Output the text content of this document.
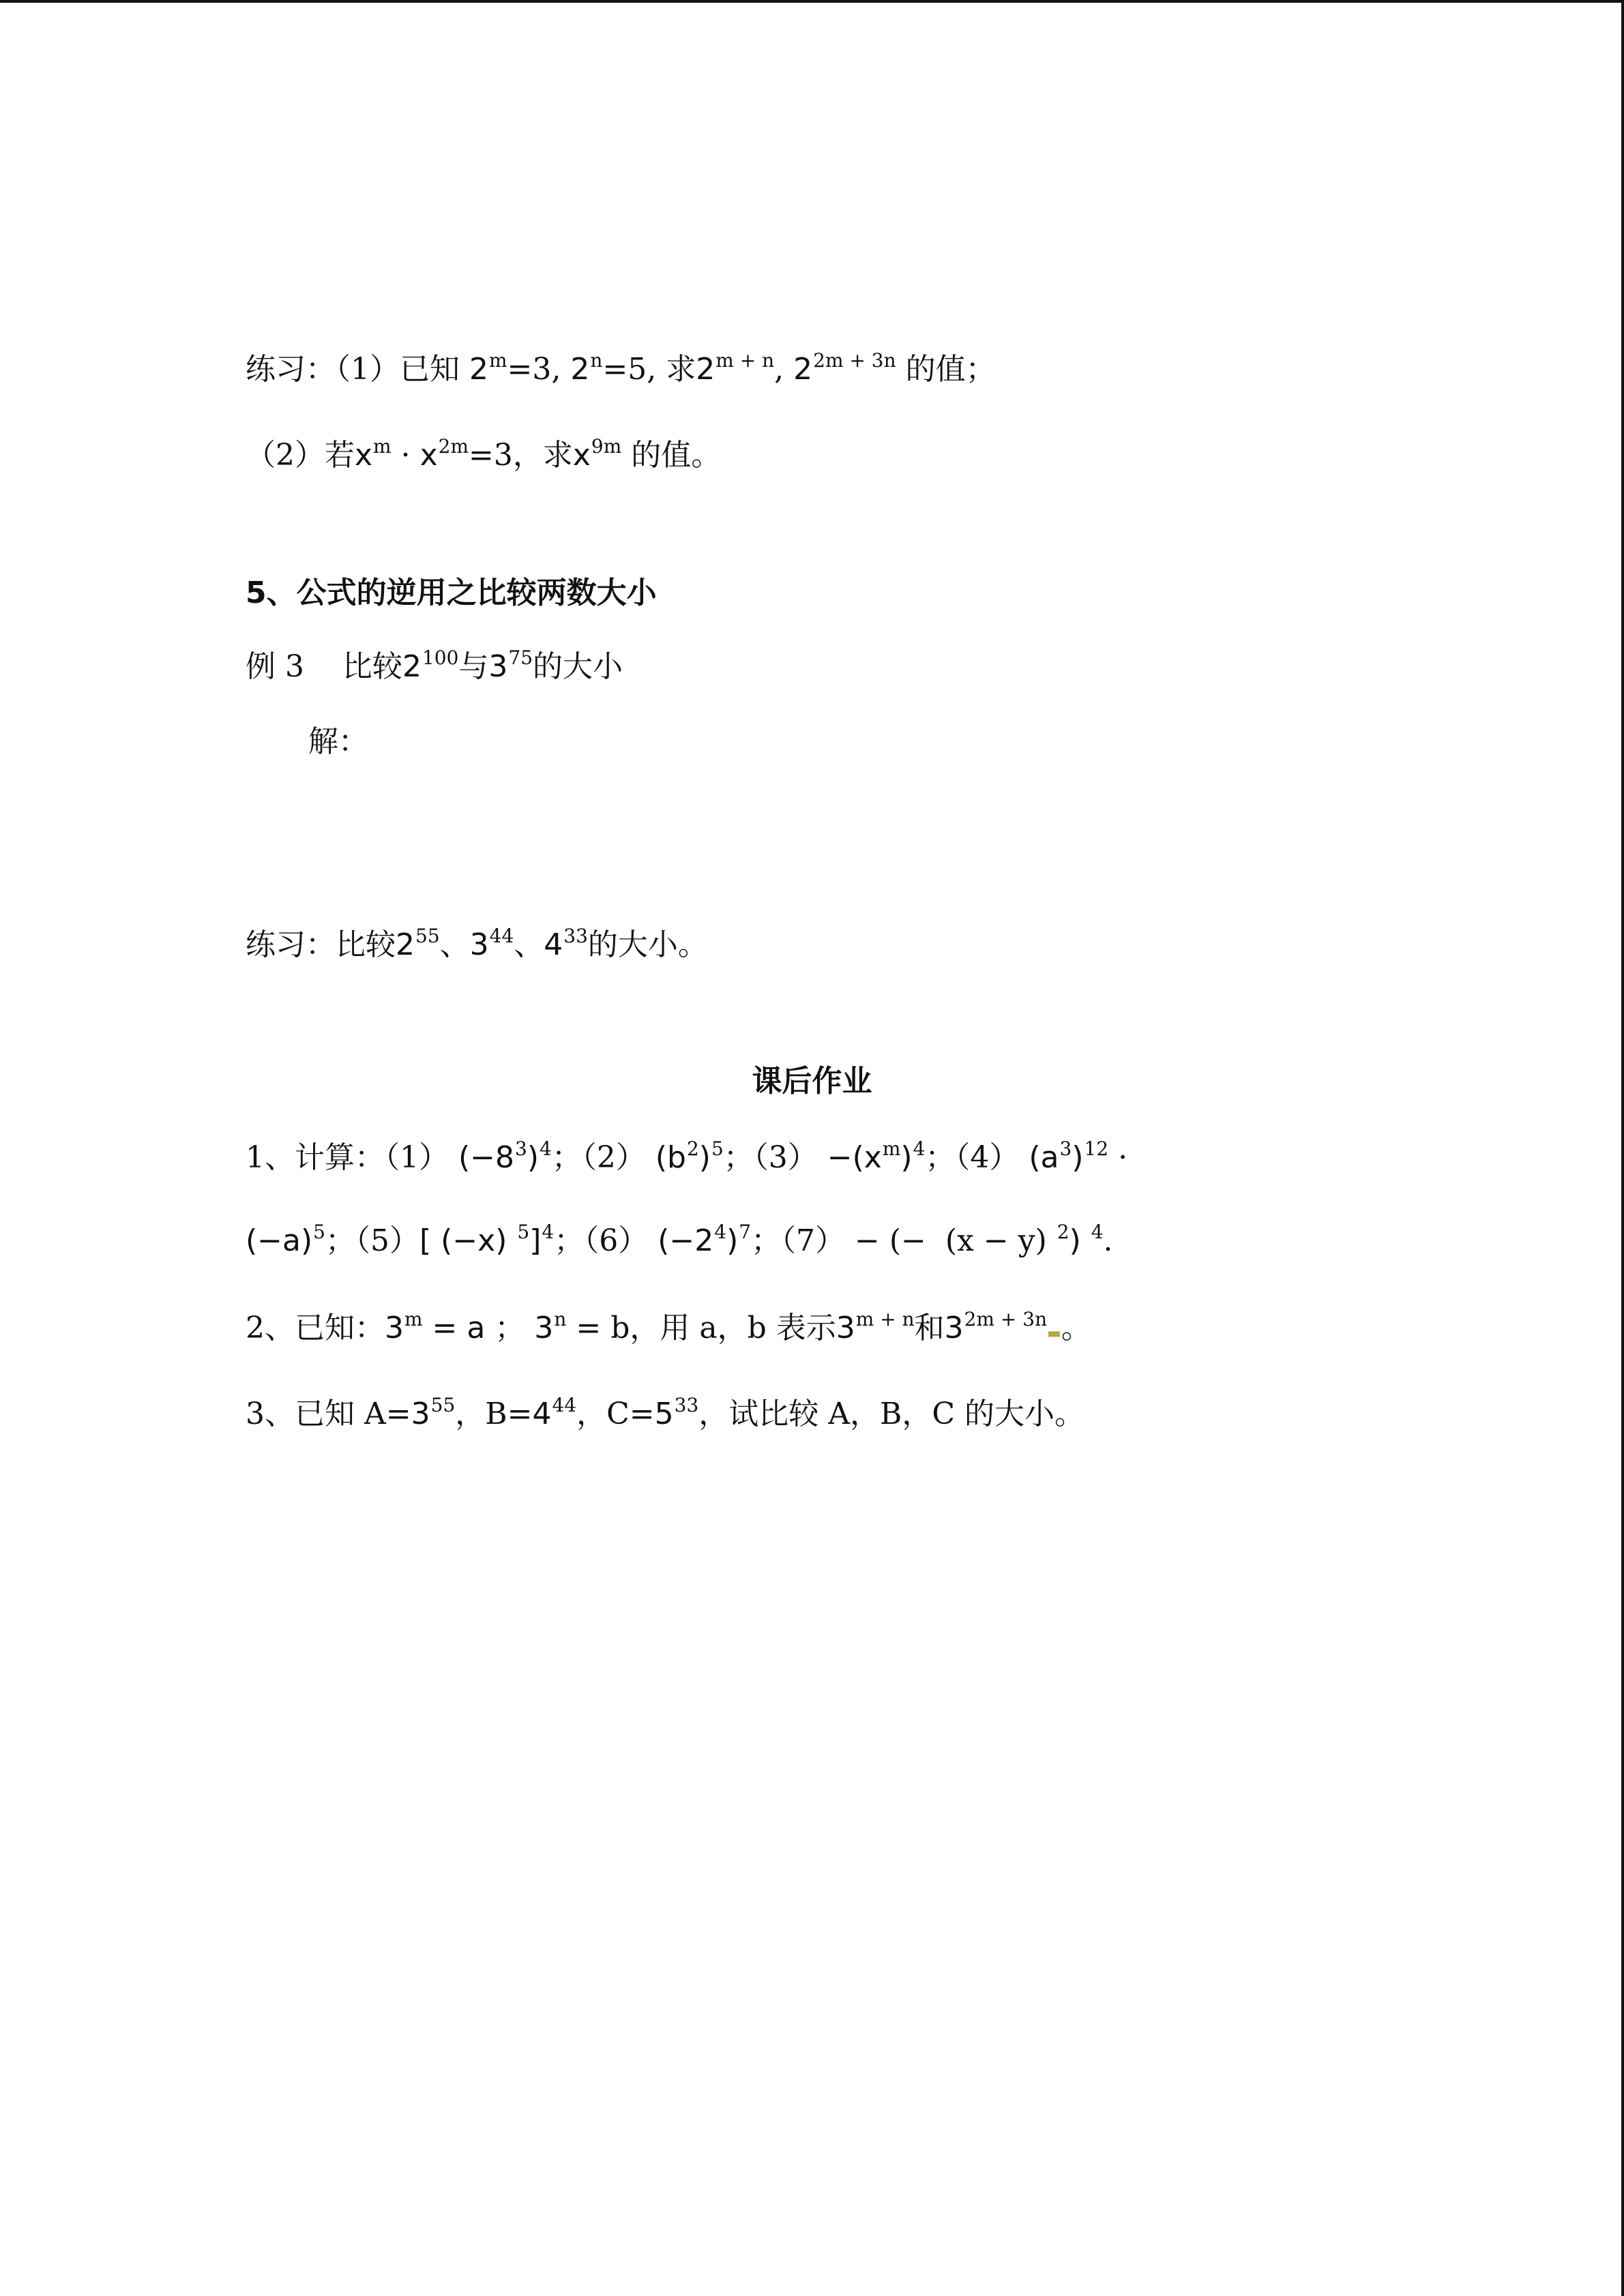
练习：（1）已知 $2^m=3$, $2^n=5$, 求$2^{m + n}$, $2^{2m + 3n}$ 的值；
（2）若$x^m \cdot x^{2m}=3$，求$x^{9m}$ 的值。
5、公式的逆用之比较两数大小
例 3    比较$2^{100}$与$3^{75}$的大小
解：
练习：比较$2^{55}$、$3^{44}$、$4^{33}$的大小。
课后作业
1、计算：（1） $(-8^3)^4$；（2） $(b^2)^5$；$(3) -(x^m)^4$；（4） $(a^3)^{12}$ ·
$(-a)^5$；（5）[ (−x) $^5$]$^4$；（6） $(-2^4)^7$；（7） − (−  (x − y) $^2$) $^4$.
2、已知：$3^m = a$ ； $3^n = b$，用 a，b 表示$3^{m + n}$和$3^{2m + 3n}▬$。
3、已知 $A=3^{55}$，$B=4^{44}$，$C=5^{33}$，试比较 A，B，C 的大小。
